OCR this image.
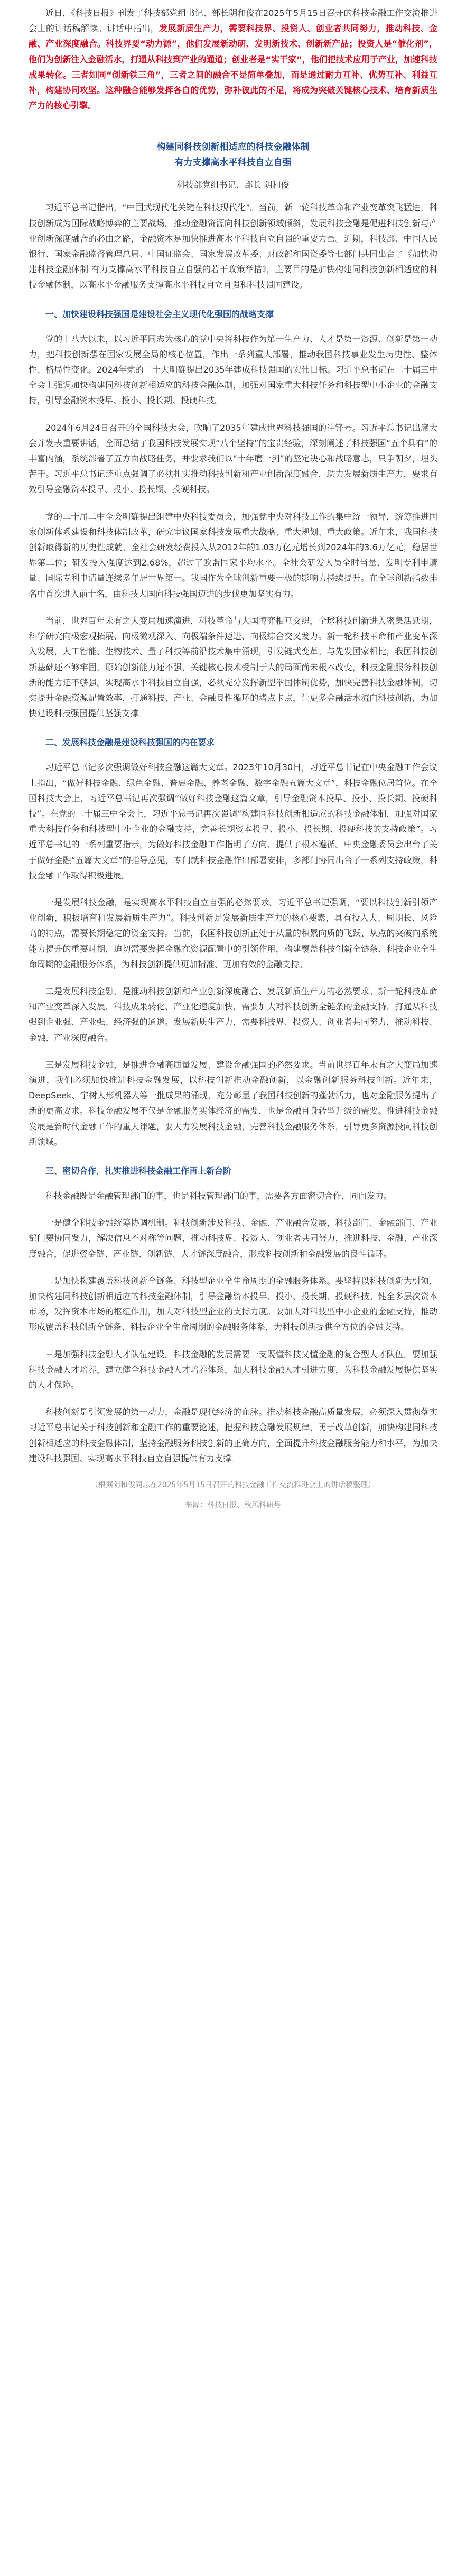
近日，《科技日报》刊发了科技部党组书记、部长阴和俊在2025年5月15日召开的科技金融工作交流推进会上的讲话稿解读。讲话中指出，发展新质生产力，需要科技界、投资人、创业者共同努力，推动科技、金融、产业深度融合。科技界要“动力源”，他们发展新动研、发明新技术、创新新产品；投资人是“催化剂”，他们为创新注入金融活水，打通从科技到产业的通道；创业者是“实干家”，他们把技术应用于产业，加速科技成果转化。三者如同“创新铁三角”，三者之间的融合不是简单叠加，而是通过耐力互补、优势互补、利益互补，构建协同攻坚。这种融合能够发挥各自的优势，弥补彼此的不足，将成为突破关键核心技术、培育新质生产力的核心引擎。

构建同科技创新相适应的科技金融体制
有力支撑高水平科技自立自强
科技部党组书记、部长 阴和俊

习近平总书记指出，“中国式现代化关键在科技现代化”。当前，新一轮科技革命和产业变革突飞猛进，科技创新成为国际战略博弈的主要战场。推动金融资源向科技创新领域倾斜，发展科技金融是促进科技创新与产业创新深度融合的必由之路，金融资本是加快推进高水平科技自立自强的重要力量。近期，科技部、中国人民银行、国家金融监督管理总局、中国证监会、国家发展改革委、财政部和国资委等七部门共同出台了《加快构建科技金融体制 有力支撑高水平科技自立自强的若干政策举措》，主要目的是加快构建同科技创新相适应的科技金融体制，以高水平金融服务支撑高水平科技自立自强和科技强国建设。

一、加快建设科技强国是建设社会主义现代化强国的战略支撑

党的十八大以来，以习近平同志为核心的党中央将科技作为第一生产力、人才是第一资源、创新是第一动力，把科技创新摆在国家发展全局的核心位置，作出一系列重大部署，推动我国科技事业发生历史性、整体性、格局性变化。2024年党的二十大明确提出2035年建成科技强国的宏伟目标。习近平总书记在二十届三中全会上强调加快构建同科技创新相适应的科技金融体制，加强对国家重大科技任务和科技型中小企业的金融支持，引导金融资本投早、投小、投长期、投硬科技。

2024年6月24日召开的全国科技大会，吹响了2035年建成世界科技强国的冲锋号。习近平总书记出席大会并发表重要讲话，全面总结了我国科技发展实现“八个坚持”的宝贵经验，深刻阐述了科技强国“五个具有”的丰富内涵，系统部署了五方面战略任务，并要求我们以“十年磨一剑”的坚定决心和战略意志，只争朝夕，埋头苦干。习近平总书记还重点强调了必须扎实推动科技创新和产业创新深度融合，助力发展新质生产力，要求有效引导金融资本投早、投小、投长期、投硬科技。

党的二十届二中全会明确提出组建中央科技委员会，加强党中央对科技工作的集中统一领导，统筹推进国家创新体系建设和科技体制改革，研究审议国家科技发展重大战略、重大规划、重大政策。近年来，我国科技创新取得新的历史性成就，全社会研发经费投入从2012年的1.03万亿元增长到2024年的3.6万亿元，稳居世界第二位；研发投入强度达到2.68%，超过了欧盟国家平均水平。全社会研发人员全时当量、发明专利申请量、国际专利申请量连续多年居世界第一。我国作为全球创新重要一极的影响力持续提升。在全球创新指数排名中首次进入前十名，由科技大国向科技强国迈进的步伐更加坚实有力。

当前，世界百年未有之大变局加速演进，科技革命与大国博弈相互交织，全球科技创新进入密集活跃期，科学研究向极宏观拓展、向极微观深入、向极端条件迈进、向极综合交叉发力。新一轮科技革命和产业变革深入发展，人工智能、生物技术、量子科技等前沿技术集中涌现，引发链式变革。与先发国家相比，我国科技创新基础还不够牢固，原始创新能力还不强，关键核心技术受制于人的局面尚未根本改变，科技金融服务科技创新的能力还不够强。实现高水平科技自立自强，必须充分发挥新型举国体制优势，加快完善科技金融体制，切实提升金融资源配置效率，打通科技、产业、金融良性循环的堵点卡点，让更多金融活水流向科技创新，为加快建设科技强国提供坚强支撑。

二、发展科技金融是建设科技强国的内在要求

习近平总书记多次强调做好科技金融这篇大文章。2023年10月30日，习近平总书记在中央金融工作会议上指出，“做好科技金融、绿色金融、普惠金融、养老金融、数字金融五篇大文章”，科技金融位居首位。在全国科技大会上，习近平总书记再次强调“做好科技金融这篇文章，引导金融资本投早、投小、投长期、投硬科技”。在党的二十届三中全会上，习近平总书记再次强调“构建同科技创新相适应的科技金融体制，加强对国家重大科技任务和科技型中小企业的金融支持，完善长期资本投早、投小、投长期、投硬科技的支持政策”。习近平总书记的一系列重要指示，为做好科技金融工作指明了方向、提供了根本遵循。中央金融委员会出台了关于做好金融“五篇大文章”的指导意见，专门就科技金融作出部署安排，多部门协同出台了一系列支持政策，科技金融工作取得积极进展。

一是发展科技金融，是实现高水平科技自立自强的必然要求。习近平总书记强调，“要以科技创新引领产业创新，积极培育和发展新质生产力”。科技创新是发展新质生产力的核心要素，具有投入大、周期长、风险高的特点，需要长期稳定的资金支持。当前，我国科技创新正处于从量的积累向质的飞跃、从点的突破向系统能力提升的重要时期，迫切需要发挥金融在资源配置中的引领作用，构建覆盖科技创新全链条、科技企业全生命周期的金融服务体系，为科技创新提供更加精准、更加有效的金融支持。

二是发展科技金融，是推动科技创新和产业创新深度融合、发展新质生产力的必然要求。新一轮科技革命和产业变革深入发展，科技成果转化、产业化速度加快，需要加大对科技创新全链条的金融支持，打通从科技强到企业强、产业强、经济强的通道。发展新质生产力，需要科技界、投资人、创业者共同努力，推动科技、金融、产业深度融合。

三是发展科技金融，是推进金融高质量发展、建设金融强国的必然要求。当前世界百年未有之大变局加速演进，我们必须加快推进科技金融发展，以科技创新推动金融创新，以金融创新服务科技创新。近年来，DeepSeek、宇树人形机器人等一批成果的涌现，充分彰显了我国科技创新的蓬勃活力，也对金融服务提出了新的更高要求。科技金融发展不仅是金融服务实体经济的需要，也是金融自身转型升级的需要。推进科技金融发展是新时代金融工作的重大课题，要大力发展科技金融，完善科技金融服务体系，引导更多资源投向科技创新领域。

三、密切合作，扎实推进科技金融工作再上新台阶

科技金融既是金融管理部门的事，也是科技管理部门的事，需要各方面密切合作，同向发力。

一是健全科技金融统筹协调机制。科技创新涉及科技、金融、产业融合发展，科技部门、金融部门、产业部门要协同发力，解决信息不对称等问题，推动科技界、投资人、创业者共同努力，推进科技、金融、产业深度融合，促进资金链、产业链、创新链、人才链深度融合，形成科技创新和金融发展的良性循环。

二是加快构建覆盖科技创新全链条、科技型企业全生命周期的金融服务体系。要坚持以科技创新为引领，加快构建同科技创新相适应的科技金融体制，引导金融资本投早、投小、投长期、投硬科技。健全多层次资本市场，发挥资本市场的枢纽作用，加大对科技型企业的支持力度。要加大对科技型中小企业的金融支持，推动形成覆盖科技创新全链条、科技企业全生命周期的金融服务体系，为科技创新提供全方位的金融支持。

三是加强科技金融人才队伍建设。科技金融的发展需要一支既懂科技又懂金融的复合型人才队伍。要加强科技金融人才培养，建立健全科技金融人才培养体系，加大科技金融人才引进力度，为科技金融发展提供坚实的人才保障。

科技创新是引领发展的第一动力，金融是现代经济的血脉。推动科技金融高质量发展，必须深入贯彻落实习近平总书记关于科技创新和金融工作的重要论述，把握科技金融发展规律，勇于改革创新，加快构建同科技创新相适应的科技金融体制，坚持金融服务科技创新的正确方向，全面提升科技金融服务能力和水平，为加快建设科技强国、实现高水平科技自立自强提供有力支撑。

（根据阴和俊同志在2025年5月15日召开的科技金融工作交流推进会上的讲话稿整理）
来源：科技日报、秋风科研号
